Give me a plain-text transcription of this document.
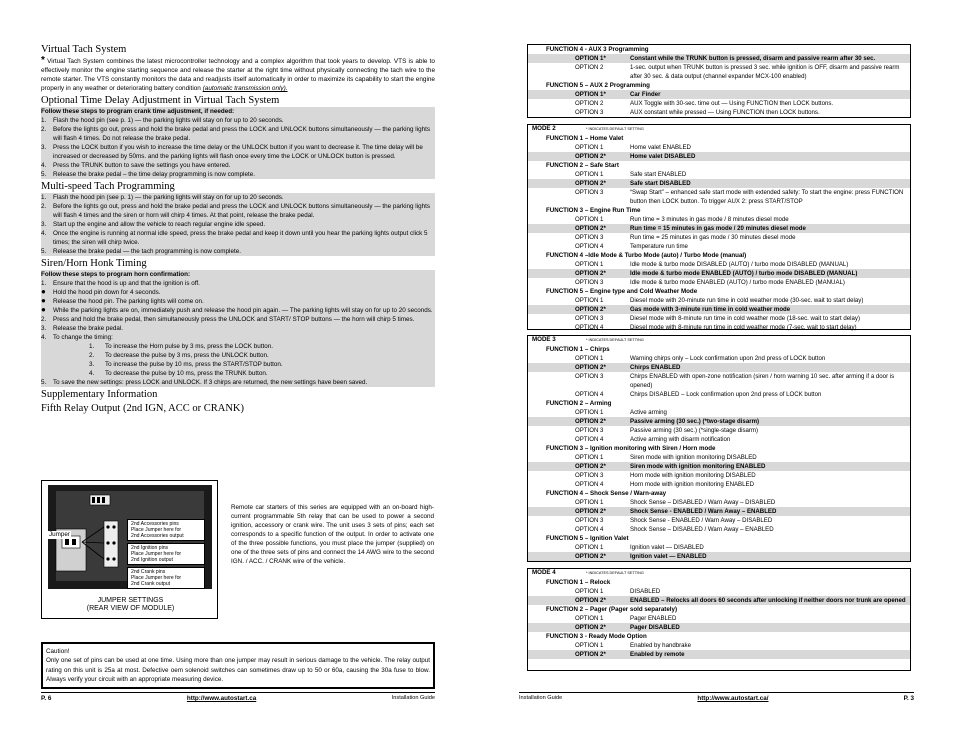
Virtual Tach System
* Virtual Tach System combines the latest microcontroller technology and a complex algorithm that took years to develop. VTS is able to effectively monitor the engine starting sequence and release the starter at the right time without physically connecting the tach wire to the remote starter. The VTS constantly monitors the data and readjusts itself automatically in order to maximize its capability to start the engine properly in any weather or deteriorating battery condition (automatic transmission only).
Optional Time Delay Adjustment in Virtual Tach System
Follow these steps to program crank time adjustment, if needed:
1.	Flash the hood pin (see p. 1) — the parking lights will stay on for up to 20 seconds.
2.	Before the lights go out, press and hold the brake pedal and press the LOCK and UNLOCK buttons simultaneously — the parking lights will flash 4 times. Do not release the brake pedal.
3.	Press the LOCK button if you wish to increase the time delay or the UNLOCK button if you want to decrease it. The time delay will be increased or decreased by 50ms. and the parking lights will flash once every time the LOCK or UNLOCK button is pressed.
4.	Press the TRUNK button to save the settings you have entered.
5.	Release the brake pedal – the time delay programming is now complete.
Multi-speed Tach Programming
1.	Flash the hood pin (see p. 1) — the parking lights will stay on for up to 20 seconds.
2.	Before the lights go out, press and hold the brake pedal and press the LOCK and UNLOCK buttons simultaneously — the parking lights will flash 4 times and the siren or horn will chirp 4 times. At that point, release the brake pedal.
3.	Start up the engine and allow the vehicle to reach regular engine idle speed.
4.	Once the engine is running at normal idle speed, press the brake pedal and keep it down until you hear the parking lights output click 5 times; the siren will chirp twice.
5.	Release the brake pedal — the tach programming is now complete.
Siren/Horn Honk Timing
Follow these steps to program horn confirmation:
1.	Ensure that the hood is up and that the ignition is off.
●	Hold the hood pin down for 4 seconds.
●	Release the hood pin. The parking lights will come on.
●	While the parking lights are on, immediately push and release the hood pin again. — The parking lights will stay on for up to 20 seconds.
2.	Press and hold the brake pedal, then simultaneously press the UNLOCK and START/ STOP buttons — the horn will chirp 5 times.
3.	Release the brake pedal.
4.	To change the timing:
1.	To increase the Horn pulse by 3 ms, press the LOCK button.
2.	To decrease the pulse by 3 ms, press the UNLOCK button.
3.	To increase the pulse by 10 ms, press the START/STOP button.
4.	To decrease the pulse by 10 ms, press the TRUNK button.
5.	To save the new settings: press LOCK and UNLOCK. If 3 chirps are returned, the new settings have been saved.
Supplementary Information
Fifth Relay Output (2nd IGN, ACC or CRANK)
Jumper
2nd Accessories pins
Place Jumper here for
2nd Accessories output
2nd Ignition pins
Place Jumper here for
2nd Ignition output
2nd Crank pins
Place Jumper here for
2nd Crank output
JUMPER SETTINGS
(REAR VIEW OF MODULE)
Remote car starters of this series are equipped with an on-board high-current programmable 5th relay that can be used to power a second ignition, accessory or crank wire. The unit uses 3 sets of pins; each set corresponds to a specific function of the output. In order to activate one of the three possible functions, you must place the jumper (supplied) on one of the three sets of pins and connect the 14 AWG wire to the second IGN. / ACC. / CRANK wire of the vehicle.
Caution!
Only one set of pins can be used at one time. Using more than one jumper may result in serious damage to the vehicle. The relay output rating on this unit is 25a at most. Defective oem solenoid switches can sometimes draw up to 50 or 60a, causing the 30a fuse to blow. Always verify your circuit with an appropriate measuring device.
P. 6	http://www.autostart.ca	Installation Guide
FUNCTION 4 - AUX 3 Programming
OPTION 1*	Constant while the TRUNK button is pressed, disarm and passive rearm after 30 sec.
OPTION 2	1-sec. output when TRUNK button is pressed 3 sec. while ignition is OFF, disarm and passive rearm after 30 sec. & data output (channel expander MCX-100 enabled)
FUNCTION 5 – AUX 2 Programming
OPTION 1*	Car Finder
OPTION 2	AUX Toggle with 30-sec. time out — Using FUNCTION then LOCK buttons.
OPTION 3	AUX constant while pressed — Using FUNCTION then LOCK buttons.
MODE 2	* INDICATES DEFAULT SETTING
FUNCTION 1 – Home Valet
OPTION 1	Home valet ENABLED
OPTION 2*	Home valet DISABLED
FUNCTION 2 – Safe Start
OPTION 1	Safe start ENABLED
OPTION 2*	Safe start DISABLED
OPTION 3	“Swap Start” – enhanced safe start mode with extended safety: To start the engine: press FUNCTION button then LOCK button. To trigger AUX 2: press START/STOP
FUNCTION 3 – Engine Run Time
OPTION 1	Run time = 3 minutes in gas mode / 8 minutes diesel mode
OPTION 2*	Run time = 15 minutes in gas mode / 20 minutes diesel mode
OPTION 3	Run time = 25 minutes in gas mode / 30 minutes diesel mode
OPTION 4	Temperature run time
FUNCTION 4 –Idle Mode & Turbo Mode (auto) / Turbo Mode (manual)
OPTION 1	Idle mode & turbo mode DISABLED (AUTO) / turbo mode DISABLED (MANUAL)
OPTION 2*	Idle mode & turbo mode ENABLED (AUTO) / turbo mode DISABLED (MANUAL)
OPTION 3	Idle mode & turbo mode ENABLED (AUTO) / turbo mode ENABLED (MANUAL)
FUNCTION 5 – Engine type and Cold Weather Mode
OPTION 1	Diesel mode with 20-minute run time in cold weather mode (30-sec. wait to start delay)
OPTION 2*	Gas mode with 3-minute run time in cold weather mode
OPTION 3	Diesel mode with 8-minute run time in cold weather mode (18-sec. wait to start delay)
OPTION 4	Diesel mode with 8-minute run time in cold weather mode (7-sec. wait to start delay)
MODE 3	* INDICATES DEFAULT SETTING
FUNCTION 1 – Chirps
OPTION 1	Warning chirps only – Lock confirmation upon 2nd press of LOCK button
OPTION 2*	Chirps ENABLED
OPTION 3	Chirps ENABLED with open-zone notification (siren / horn warning 10 sec. after arming if a door is opened)
OPTION 4	Chirps DISABLED – Lock confirmation upon 2nd press of LOCK button
FUNCTION 2 – Arming
OPTION 1	Active arming
OPTION 2*	Passive arming (30 sec.) (*two-stage disarm)
OPTION 3	Passive arming (30 sec.) (*single-stage disarm)
OPTION 4	Active arming with disarm notification
FUNCTION 3 – Ignition monitoring with Siren / Horn mode
OPTION 1	Siren mode with ignition monitoring DISABLED
OPTION 2*	Siren mode with ignition monitoring ENABLED
OPTION 3	Horn mode with ignition monitoring DISABLED
OPTION 4	Horn mode with ignition monitoring ENABLED
FUNCTION 4 – Shock Sense / Warn-away
OPTION 1	Shock Sense – DISABLED / Warn Away – DISABLED
OPTION 2*	Shock Sense - ENABLED / Warn Away – ENABLED
OPTION 3	Shock Sense - ENABLED / Warn Away – DISABLED
OPTION 4	Shock Sense – DISABLED / Warn Away – ENABLED
FUNCTION 5 – Ignition Valet
OPTION 1	Ignition valet — DISABLED
OPTION 2*	Ignition valet — ENABLED
MODE 4	* INDICATES DEFAULT SETTING
FUNCTION 1 – Relock
OPTION 1	DISABLED
OPTION 2*	ENABLED – Relocks all doors 60 seconds after unlocking if neither doors nor trunk are opened
FUNCTION 2 – Pager (Pager sold separately)
OPTION 1	Pager ENABLED
OPTION 2*	Pager DISABLED
FUNCTION 3 - Ready Mode Option
OPTION 1	Enabled by handbrake
OPTION 2*	Enabled by remote
Installation Guide	http://www.autostart.ca/	P. 3
